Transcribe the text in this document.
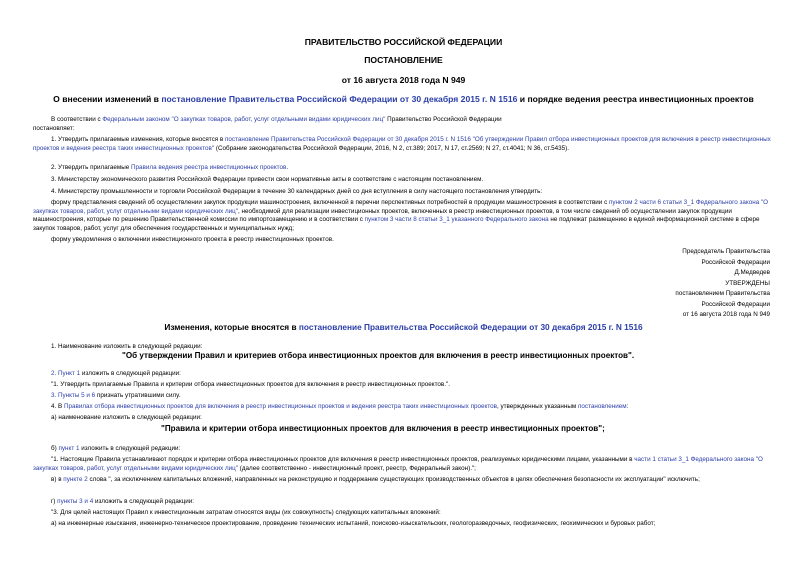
ПРАВИТЕЛЬСТВО РОССИЙСКОЙ ФЕДЕРАЦИИ
ПОСТАНОВЛЕНИЕ
от 16 августа 2018 года N 949
О внесении изменений в постановление Правительства Российской Федерации от 30 декабря 2015 г. N 1516 и порядке ведения реестра инвестиционных проектов
В соответствии с Федеральным законом "О закупках товаров, работ, услуг отдельными видами юридических лиц" Правительство Российской Федерации
постановляет:
1. Утвердить прилагаемые изменения, которые вносятся в постановление Правительства Российской Федерации от 30 декабря 2015 г. N 1516 "Об утверждении Правил отбора инвестиционных проектов для включения в реестр инвестиционных проектов и ведения реестра таких инвестиционных проектов" (Собрание законодательства Российской Федерации, 2016, N 2, ст.389; 2017, N 17, ст.2569; N 27, ст.4041; N 36, ст.5435).
2. Утвердить прилагаемые Правила ведения реестра инвестиционных проектов.
3. Министерству экономического развития Российской Федерации привести свои нормативные акты в соответствие с настоящим постановлением.
4. Министерству промышленности и торговли Российской Федерации в течение 30 календарных дней со дня вступления в силу настоящего постановления утвердить:
форму представления сведений об осуществлении закупок продукции машиностроения, включенной в перечни перспективных потребностей в продукции машиностроения в соответствии с пунктом 2 части 6 статьи 3_1 Федерального закона "О закупках товаров, работ, услуг отдельными видами юридических лиц", необходимой для реализации инвестиционных проектов, включенных в реестр инвестиционных проектов, в том числе сведений об осуществлении закупок продукции машиностроения, которые по решению Правительственной комиссии по импортозамещению и в соответствии с пунктом 3 части 8 статьи 3_1 указанного Федерального закона не подлежат размещению в единой информационной системе в сфере закупок товаров, работ, услуг для обеспечения государственных и муниципальных нужд;
форму уведомления о включении инвестиционного проекта в реестр инвестиционных проектов.
Председатель Правительства
Российской Федерации
Д.Медведев
УТВЕРЖДЕНЫ
постановлением Правительства
Российской Федерации
от 16 августа 2018 года N 949
Изменения, которые вносятся в постановление Правительства Российской Федерации от 30 декабря 2015 г. N 1516
1. Наименование изложить в следующей редакции:
"Об утверждении Правил и критериев отбора инвестиционных проектов для включения в реестр инвестиционных проектов".
2. Пункт 1 изложить в следующей редакции:
"1. Утвердить прилагаемые Правила и критерии отбора инвестиционных проектов для включения в реестр инвестиционных проектов.".
3. Пункты 5 и 6 признать утратившими силу.
4. В Правилах отбора инвестиционных проектов для включения в реестр инвестиционных проектов и ведения реестра таких инвестиционных проектов, утвержденных указанным постановлением:
а) наименование изложить в следующей редакции:
"Правила и критерии отбора инвестиционных проектов для включения в реестр инвестиционных проектов";
б) пункт 1 изложить в следующей редакции:
"1. Настоящие Правила устанавливают порядок и критерии отбора инвестиционных проектов для включения в реестр инвестиционных проектов, реализуемых юридическими лицами, указанными в части 1 статьи 3_1 Федерального закона "О закупках товаров, работ, услуг отдельными видами юридических лиц" (далее соответственно - инвестиционный проект, реестр, Федеральный закон).";
в) в пункте 2 слова ", за исключением капитальных вложений, направленных на реконструкцию и поддержание существующих производственных объектов в целях обеспечения безопасности их эксплуатации" исключить;
г) пункты 3 и 4 изложить в следующей редакции:
"3. Для целей настоящих Правил к инвестиционным затратам относятся виды (их совокупность) следующих капитальных вложений:
а) на инженерные изыскания, инженерно-техническое проектирование, проведение технических испытаний, поисково-изыскательских, геологоразведочных, геофизических, геохимических и буровых работ;
